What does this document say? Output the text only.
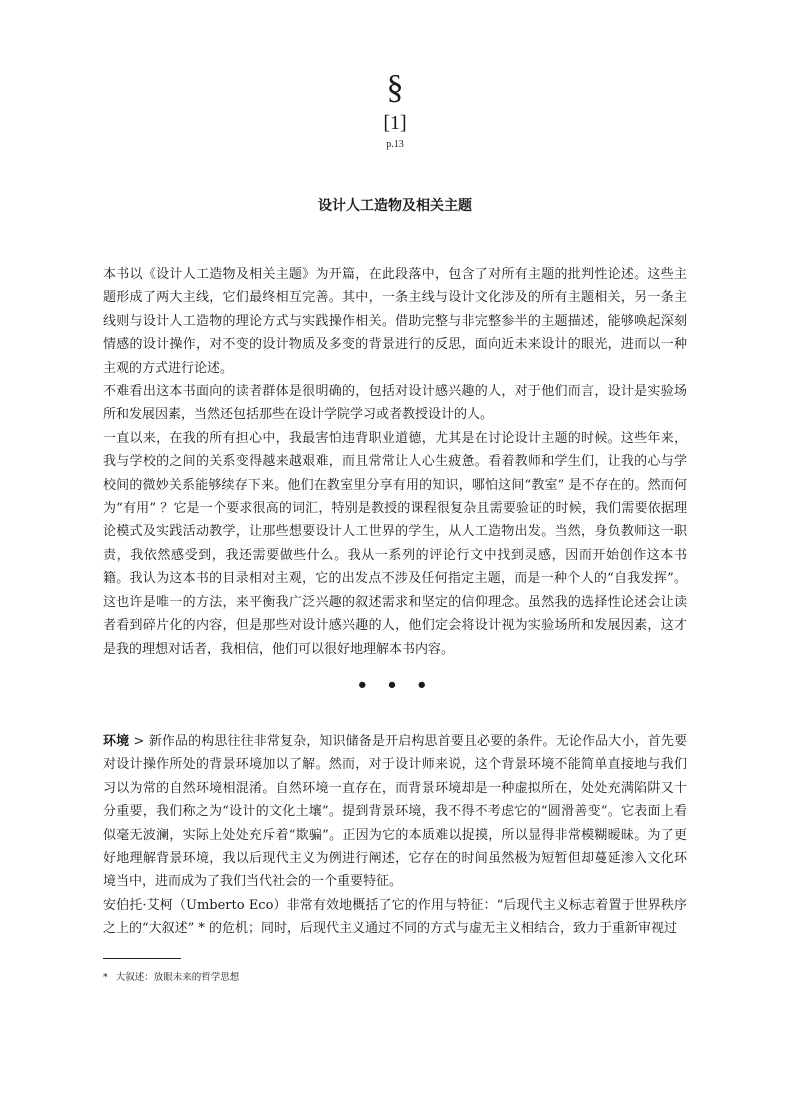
§
[1]
p.13
设计人工造物及相关主题

本书以《设计人工造物及相关主题》为开篇，在此段落中，包含了对所有主题的批判性论述。这些主题形成了两大主线，它们最终相互完善。其中，一条主线与设计文化涉及的所有主题相关，另一条主线则与设计人工造物的理论方式与实践操作相关。借助完整与非完整参半的主题描述，能够唤起深刻情感的设计操作，对不变的设计物质及多变的背景进行的反思，面向近未来设计的眼光，进而以一种主观的方式进行论述。

不难看出这本书面向的读者群体是很明确的，包括对设计感兴趣的人，对于他们而言，设计是实验场所和发展因素，当然还包括那些在设计学院学习或者教授设计的人。

一直以来，在我的所有担心中，我最害怕违背职业道德，尤其是在讨论设计主题的时候。这些年来，我与学校的之间的关系变得越来越艰难，而且常常让人心生疲惫。看着教师和学生们，让我的心与学校间的微妙关系能够续存下来。他们在教室里分享有用的知识，哪怕这间“教室” 是不存在的。然而何为“有用” ？它是一个要求很高的词汇，特别是教授的课程很复杂且需要验证的时候，我们需要依据理论模式及实践活动教学，让那些想要设计人工世界的学生，从人工造物出发。当然，身负教师这一职责，我依然感受到，我还需要做些什么。我从一系列的评论行文中找到灵感，因而开始创作这本书籍。我认为这本书的目录相对主观，它的出发点不涉及任何指定主题，而是一种个人的“自我发挥”。这也许是唯一的方法，来平衡我广泛兴趣的叙述需求和坚定的信仰理念。虽然我的选择性论述会让读者看到碎片化的内容，但是那些对设计感兴趣的人，他们定会将设计视为实验场所和发展因素，这才是我的理想对话者，我相信，他们可以很好地理解本书内容。

• • •

环境 > 新作品的构思往往非常复杂，知识储备是开启构思首要且必要的条件。无论作品大小，首先要对设计操作所处的背景环境加以了解。然而，对于设计师来说，这个背景环境不能简单直接地与我们习以为常的自然环境相混淆。自然环境一直存在，而背景环境却是一种虚拟所在，处处充满陷阱又十分重要，我们称之为“设计的文化土壤”。提到背景环境，我不得不考虑它的“圆滑善变”。它表面上看似毫无波澜，实际上处处充斥着“欺骗”。正因为它的本质难以捉摸，所以显得非常模糊暧昧。为了更好地理解背景环境，我以后现代主义为例进行阐述，它存在的时间虽然极为短暂但却蔓延渗入文化环境当中，进而成为了我们当代社会的一个重要特征。

安伯托·艾柯（Umberto Eco）非常有效地概括了它的作用与特征：“后现代主义标志着置于世界秩序之上的“大叙述” * 的危机；同时，后现代主义通过不同的方式与虚无主义相结合，致力于重新审视过

* 大叙述：放眼未来的哲学思想
